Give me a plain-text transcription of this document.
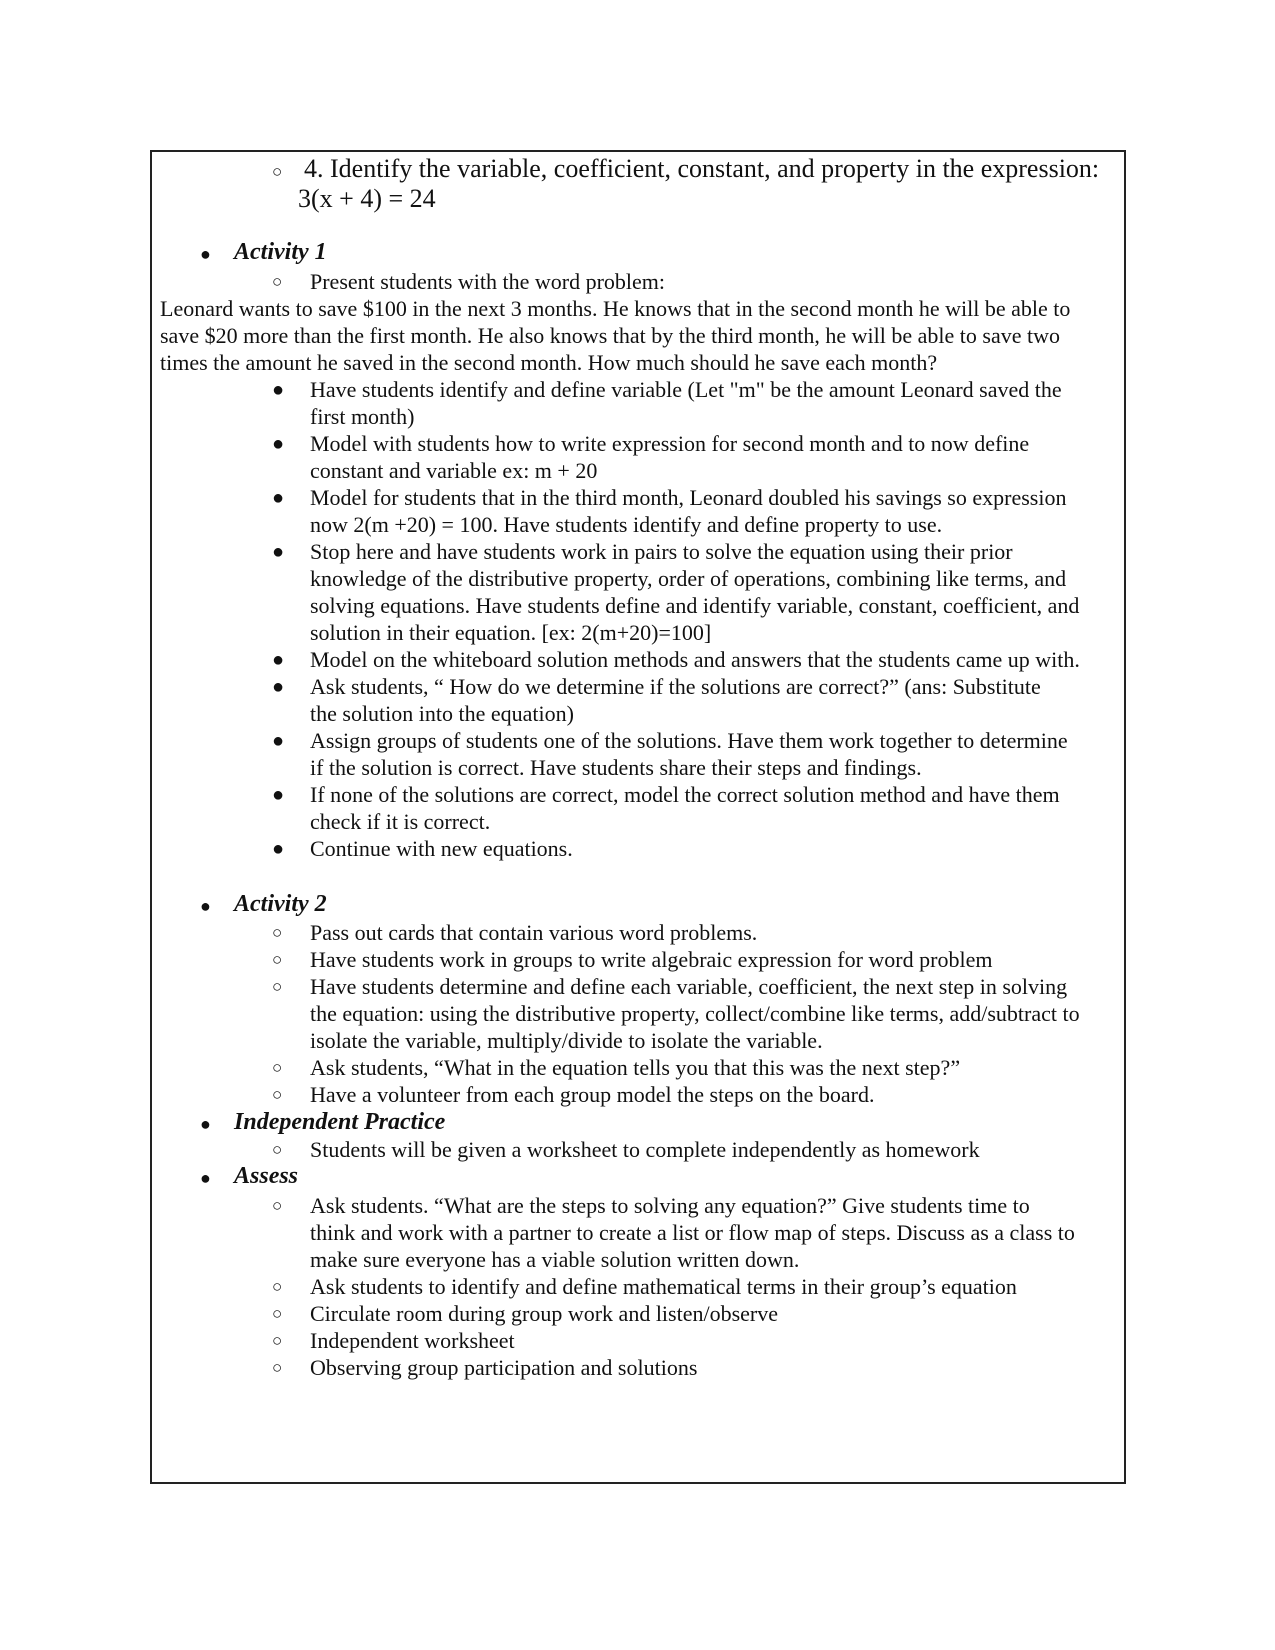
○ 4. Identify the variable, coefficient, constant, and property in the expression:
3(x + 4) = 24
● Activity 1
○ Present students with the word problem:
Leonard wants to save $100 in the next 3 months. He knows that in the second month he will be able to
save $20 more than the first month. He also knows that by the third month, he will be able to save two
times the amount he saved in the second month. How much should he save each month?
● Have students identify and define variable (Let "m" be the amount Leonard saved the
first month)
● Model with students how to write expression for second month and to now define
constant and variable ex: m + 20
● Model for students that in the third month, Leonard doubled his savings so expression
now 2(m +20) = 100. Have students identify and define property to use.
● Stop here and have students work in pairs to solve the equation using their prior
knowledge of the distributive property, order of operations, combining like terms, and
solving equations. Have students define and identify variable, constant, coefficient, and
solution in their equation. [ex: 2(m+20)=100]
● Model on the whiteboard solution methods and answers that the students came up with.
● Ask students, “ How do we determine if the solutions are correct?” (ans: Substitute
the solution into the equation)
● Assign groups of students one of the solutions. Have them work together to determine
if the solution is correct. Have students share their steps and findings.
● If none of the solutions are correct, model the correct solution method and have them
check if it is correct.
● Continue with new equations.
● Activity 2
○ Pass out cards that contain various word problems.
○ Have students work in groups to write algebraic expression for word problem
○ Have students determine and define each variable, coefficient, the next step in solving
the equation: using the distributive property, collect/combine like terms, add/subtract to
isolate the variable, multiply/divide to isolate the variable.
○ Ask students, “What in the equation tells you that this was the next step?”
○ Have a volunteer from each group model the steps on the board.
● Independent Practice
○ Students will be given a worksheet to complete independently as homework
● Assess
○ Ask students. “What are the steps to solving any equation?” Give students time to
think and work with a partner to create a list or flow map of steps. Discuss as a class to
make sure everyone has a viable solution written down.
○ Ask students to identify and define mathematical terms in their group’s equation
○ Circulate room during group work and listen/observe
○ Independent worksheet
○ Observing group participation and solutions
